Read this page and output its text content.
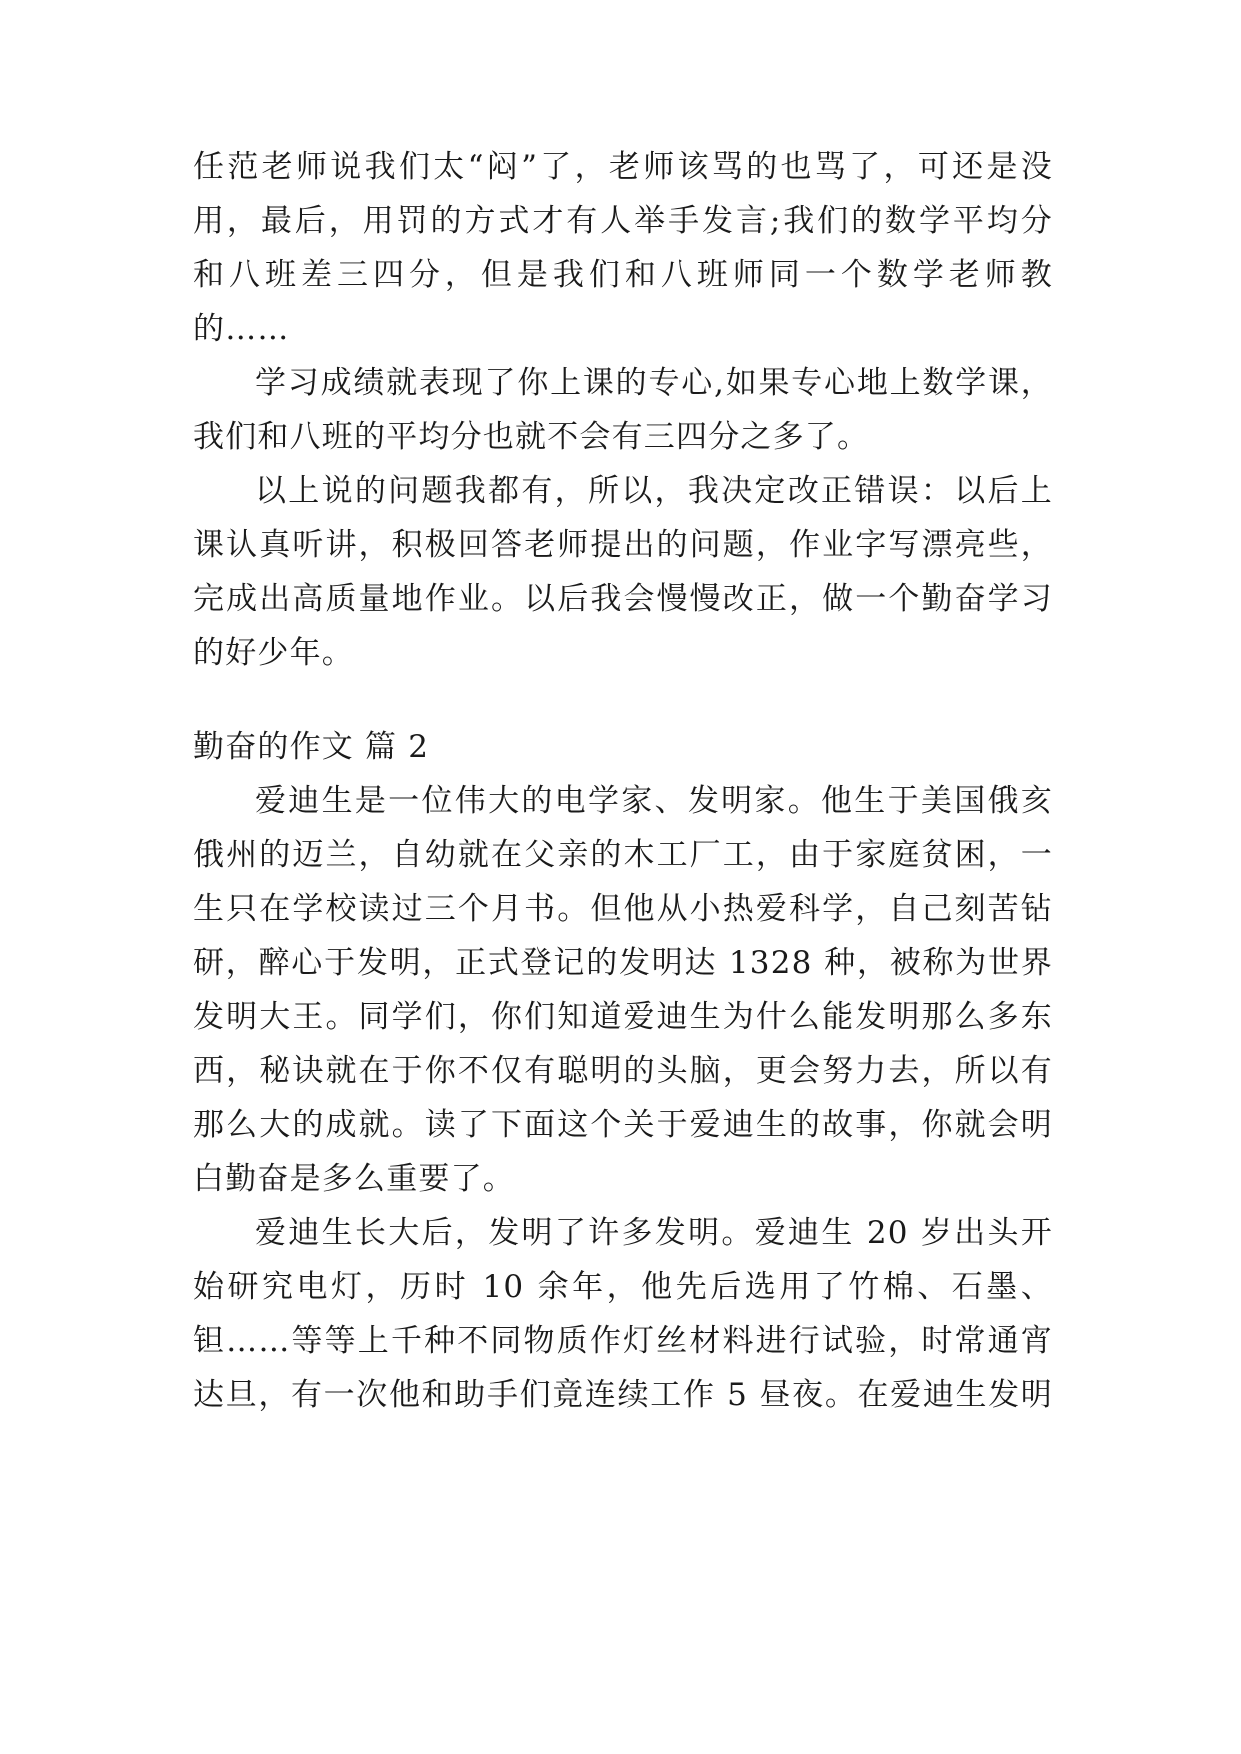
任范老师说我们太“闷”了，老师该骂的也骂了，可还是没
用，最后，用罚的方式才有人举手发言;我们的数学平均分
和八班差三四分，但是我们和八班师同一个数学老师教
的……
学习成绩就表现了你上课的专心,如果专心地上数学课，
我们和八班的平均分也就不会有三四分之多了。
以上说的问题我都有，所以，我决定改正错误：以后上
课认真听讲，积极回答老师提出的问题，作业字写漂亮些，
完成出高质量地作业。以后我会慢慢改正，做一个勤奋学习
的好少年。
勤奋的作文 篇 2
爱迪生是一位伟大的电学家、发明家。他生于美国俄亥
俄州的迈兰，自幼就在父亲的木工厂工，由于家庭贫困，一
生只在学校读过三个月书。但他从小热爱科学，自己刻苦钻
研，醉心于发明，正式登记的发明达 1328 种，被称为世界
发明大王。同学们，你们知道爱迪生为什么能发明那么多东
西，秘诀就在于你不仅有聪明的头脑，更会努力去，所以有
那么大的成就。读了下面这个关于爱迪生的故事，你就会明
白勤奋是多么重要了。
爱迪生长大后，发明了许多发明。爱迪生 20 岁出头开
始研究电灯，历时 10 余年，他先后选用了竹棉、石墨、
钽……等等上千种不同物质作灯丝材料进行试验，时常通宵
达旦，有一次他和助手们竟连续工作 5 昼夜。在爱迪生发明
